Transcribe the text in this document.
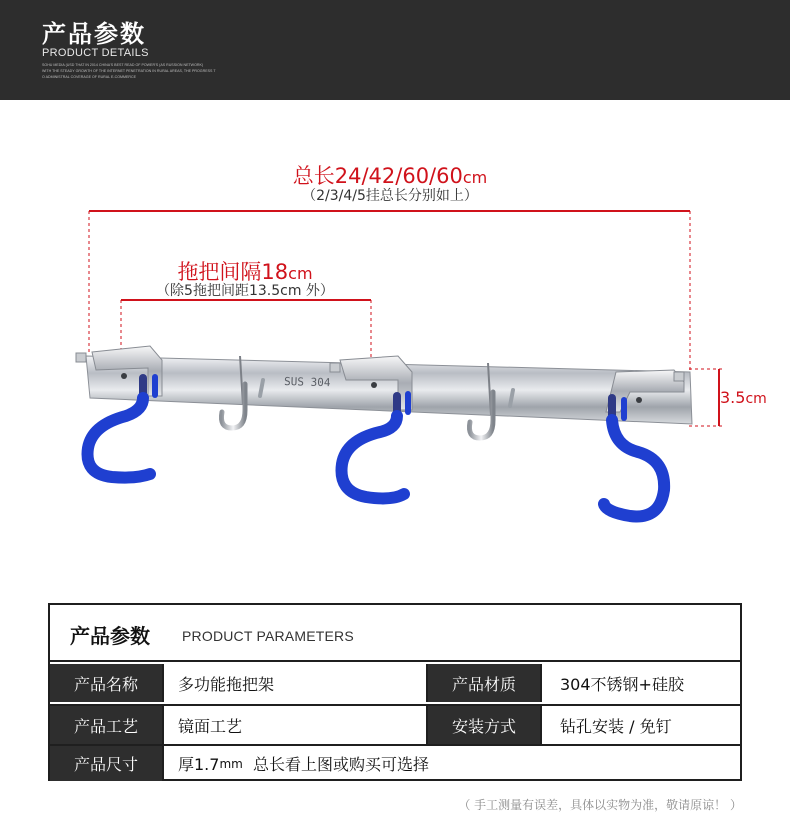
产品参数
PRODUCT DETAILS
SOHU MEDIA (USD THAT IN 2014 CHINA'S BEST READ OF POWER'S (AS RUSSION NETWORK)
WITH THE STEADY GROWTH OF THE INTERNET PENETRATION IN RURAL AREAS, THE PROGRESS T
O ADMINISTRAL COVERAGE OF RURAL E-COMMERCE
总长24/42/60/60cm
（2/3/4/5挂总长分别如上）
拖把间隔18cm
（除5拖把间距13.5cm 外）
3.5cm
SUS 304
产品参数 PRODUCT PARAMETERS
产品名称	多功能拖把架	产品材质	304不锈钢+硅胶
产品工艺	镜面工艺	安装方式	钻孔安装 / 免钉
产品尺寸	厚1.7 mm 总长看上图或购买可选择
（ 手工测量有误差，具体以实物为准，敬请原谅！ ）
